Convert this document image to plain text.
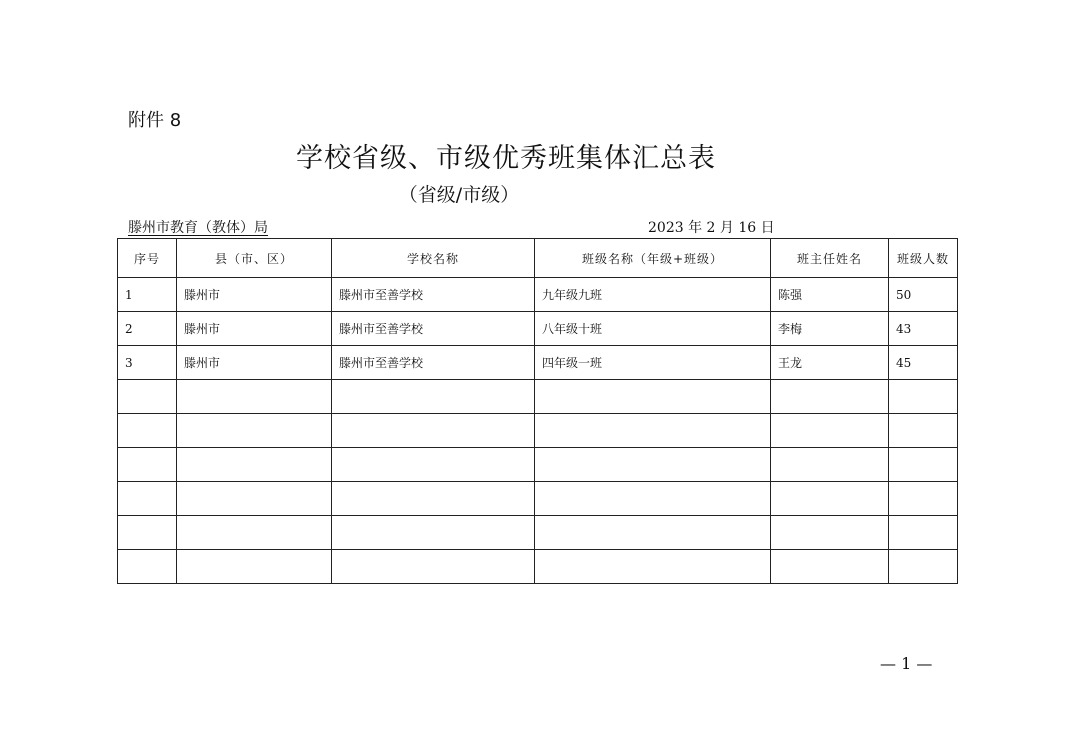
附件 8
学校省级、市级优秀班集体汇总表
（省级/市级）
滕州市教育（教体）局	2023 年 2 月 16 日
序号	县（市、区）	学校名称	班级名称（年级+班级）	班主任姓名	班级人数
1	滕州市	滕州市至善学校	九年级九班	陈强	50
2	滕州市	滕州市至善学校	八年级十班	李梅	43
3	滕州市	滕州市至善学校	四年级一班	王龙	45

— 1 —
